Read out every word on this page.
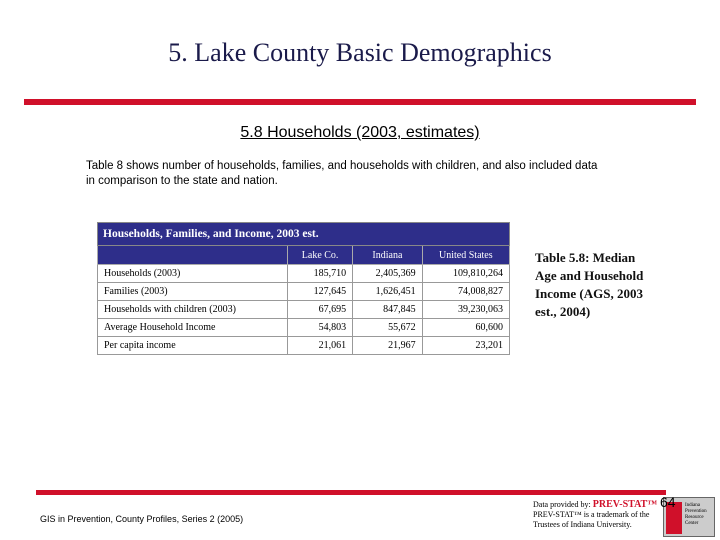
5. Lake County Basic Demographics
5.8 Households (2003, estimates)
Table 8 shows number of households, families, and households with children, and also included data in comparison to the state and nation.
Households, Families, and Income, 2003 est.			
	Lake Co.	Indiana	United States
Households (2003)	185,710	2,405,369	109,810,264
Families (2003)	127,645	1,626,451	74,008,827
Households with children (2003)	67,695	847,845	39,230,063
Average Household Income	54,803	55,672	60,600
Per capita income	21,061	21,967	23,201
Table 5.8: Median Age and Household Income (AGS, 2003 est., 2004)
GIS in Prevention, County Profiles, Series 2 (2005)
Data provided by: PREV-STAT™
PREV-STAT™ is a trademark of the Trustees of Indiana University.
Indiana Prevention Resource Center
64
